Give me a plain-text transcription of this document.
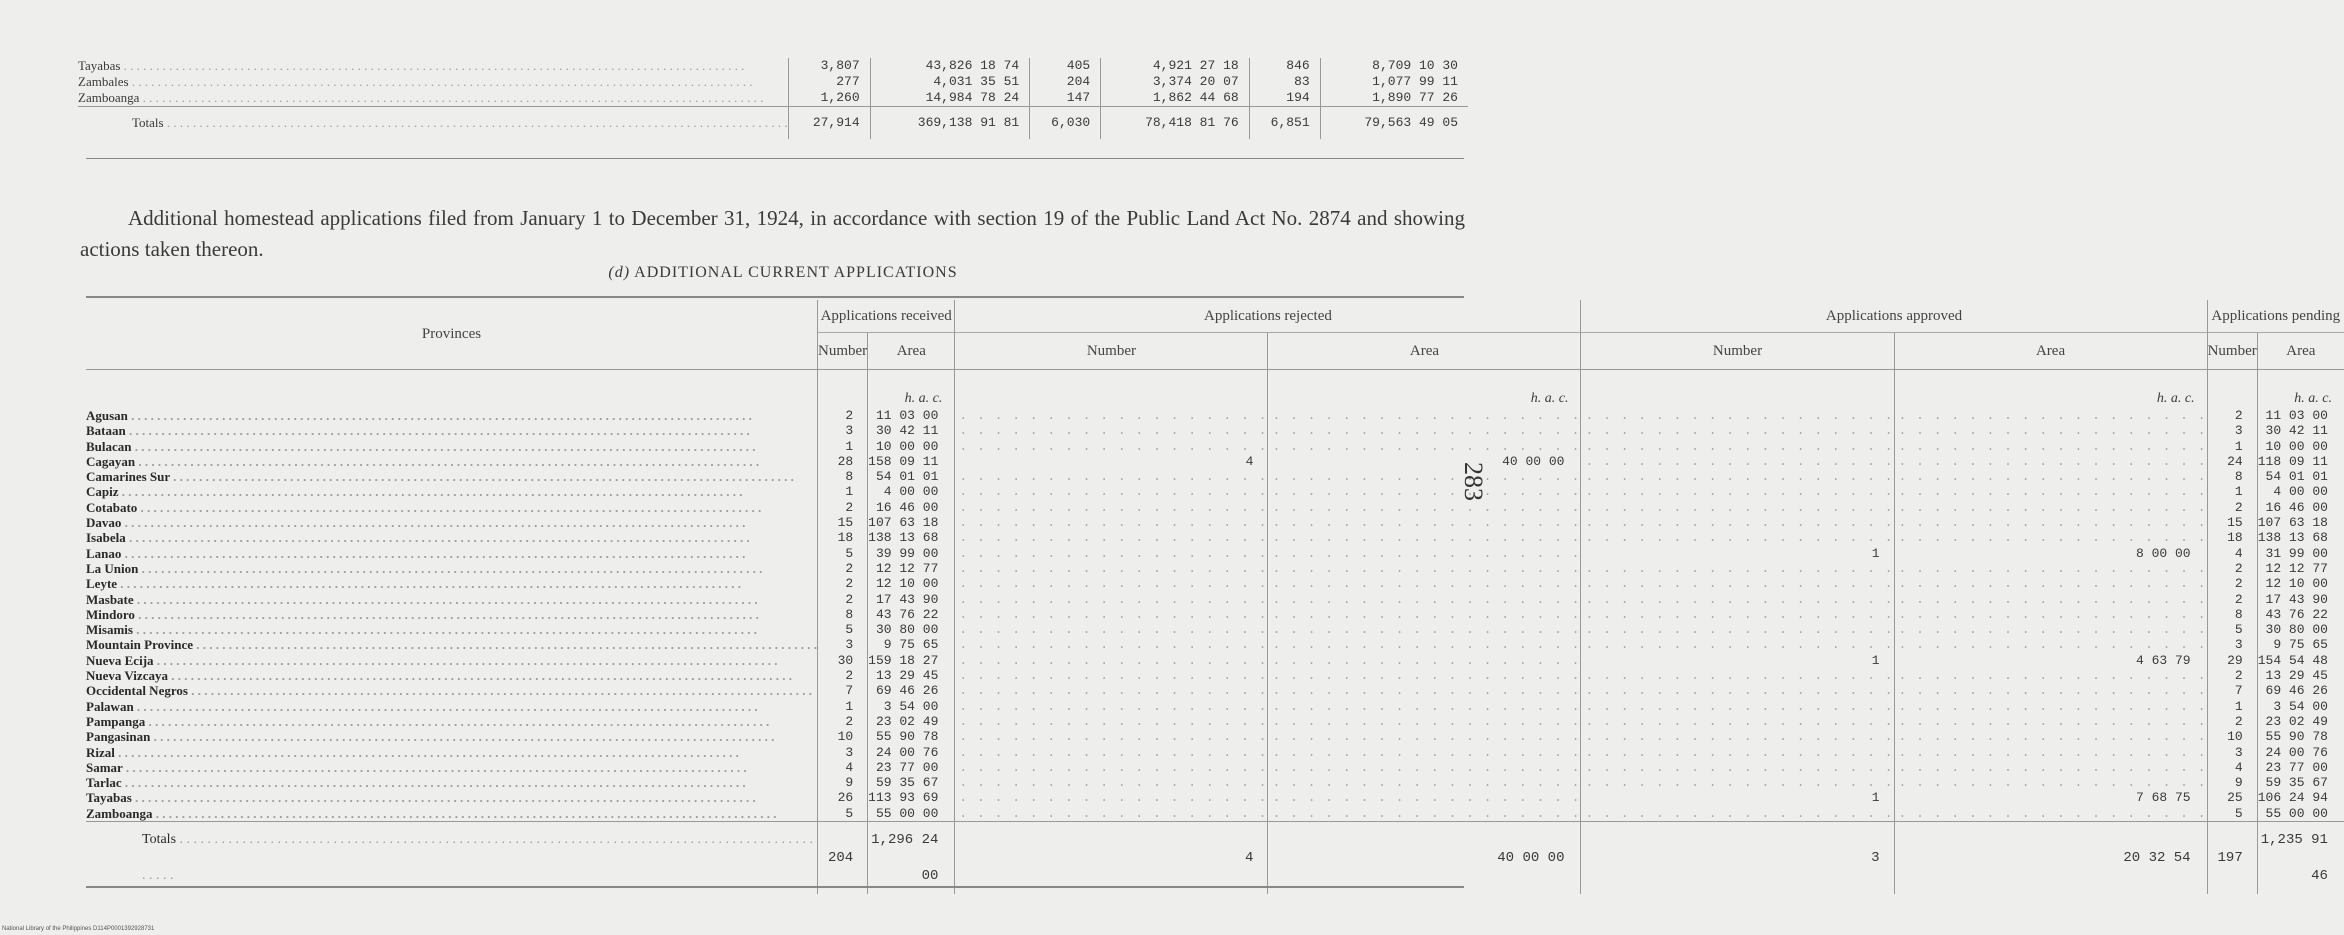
Tayabas . . .	3,807	43,826 18 74	405	4,921 27 18	846	8,709 10 30
Zambales . . .	277	4,031 35 51	204	3,374 20 07	83	1,077 99 11
Zamboanga . . .	1,260	14,984 78 24	147	1,862 44 68	194	1,890 77 26
Totals . . .	27,914	369,138 91 81	6,030	78,418 81 76	6,851	79,563 49 05

Additional homestead applications filed from January 1 to December 31, 1924, in accordance with section 19 of the Public Land Act No. 2874 and showing actions taken thereon.

(d) ADDITIONAL CURRENT APPLICATIONS
Provinces	Applications received		Applications rejected		Applications approved		Applications pending	
	Number	Area	Number	Area	Number	Area	Number	Area

		h. a. c.		h. a. c.		h. a. c.		h. a. c.
Agusan . . .	2	11 03 00	. . .	. . .	. . .	. . .	2	11 03 00
Bataan . . .	3	30 42 11	. . .	. . .	. . .	. . .	3	30 42 11
Bulacan . . .	1	10 00 00	. . .	. . .	. . .	. . .	1	10 00 00
Cagayan . . .	28	158 09 11	4	40 00 00	. . .	. . .	24	118 09 11
Camarines Sur . . .	8	54 01 01	. . .	. . .	. . .	. . .	8	54 01 01
Capiz . . .	1	4 00 00	. . .	. . .	. . .	. . .	1	4 00 00
Cotabato . . .	2	16 46 00	. . .	. . .	. . .	. . .	2	16 46 00
Davao . . .	15	107 63 18	. . .	. . .	. . .	. . .	15	107 63 18
Isabela . . .	18	138 13 68	. . .	. . .	. . .	. . .	18	138 13 68
Lanao . . .	5	39 99 00	. . .	. . .	1	8 00 00	4	31 99 00
La Union . . .	2	12 12 77	. . .	. . .	. . .	. . .	2	12 12 77
Leyte . . .	2	12 10 00	. . .	. . .	. . .	. . .	2	12 10 00
Masbate . . .	2	17 43 90	. . .	. . .	. . .	. . .	2	17 43 90
Mindoro . . .	8	43 76 22	. . .	. . .	. . .	. . .	8	43 76 22
Misamis . . .	5	30 80 00	. . .	. . .	. . .	. . .	5	30 80 00
Mountain Province . . .	3	9 75 65	. . .	. . .	. . .	. . .	3	9 75 65
Nueva Ecija . . .	30	159 18 27	. . .	. . .	1	4 63 79	29	154 54 48
Nueva Vizcaya . . .	2	13 29 45	. . .	. . .	. . .	. . .	2	13 29 45
Occidental Negros . . .	7	69 46 26	. . .	. . .	. . .	. . .	7	69 46 26
Palawan . . .	1	3 54 00	. . .	. . .	. . .	. . .	1	3 54 00
Pampanga . . .	2	23 02 49	. . .	. . .	. . .	. . .	2	23 02 49
Pangasinan . . .	10	55 90 78	. . .	. . .	. . .	. . .	10	55 90 78
Rizal . . .	3	24 00 76	. . .	. . .	. . .	. . .	3	24 00 76
Samar . . .	4	23 77 00	. . .	. . .	. . .	. . .	4	23 77 00
Tarlac . . .	9	59 35 67	. . .	. . .	. . .	. . .	9	59 35 67
Tayabas . . .	26	113 93 69	. . .	. . .	1	7 68 75	25	106 24 94
Zamboanga . . .	5	55 00 00	. . .	. . .	. . .	. . .	5	55 00 00
Totals . . .	204	1,296 24 00	4	40 00 00	3	20 32 54	197	1,235 91 46
283
National Library of the Philippines D114P0001392928731
